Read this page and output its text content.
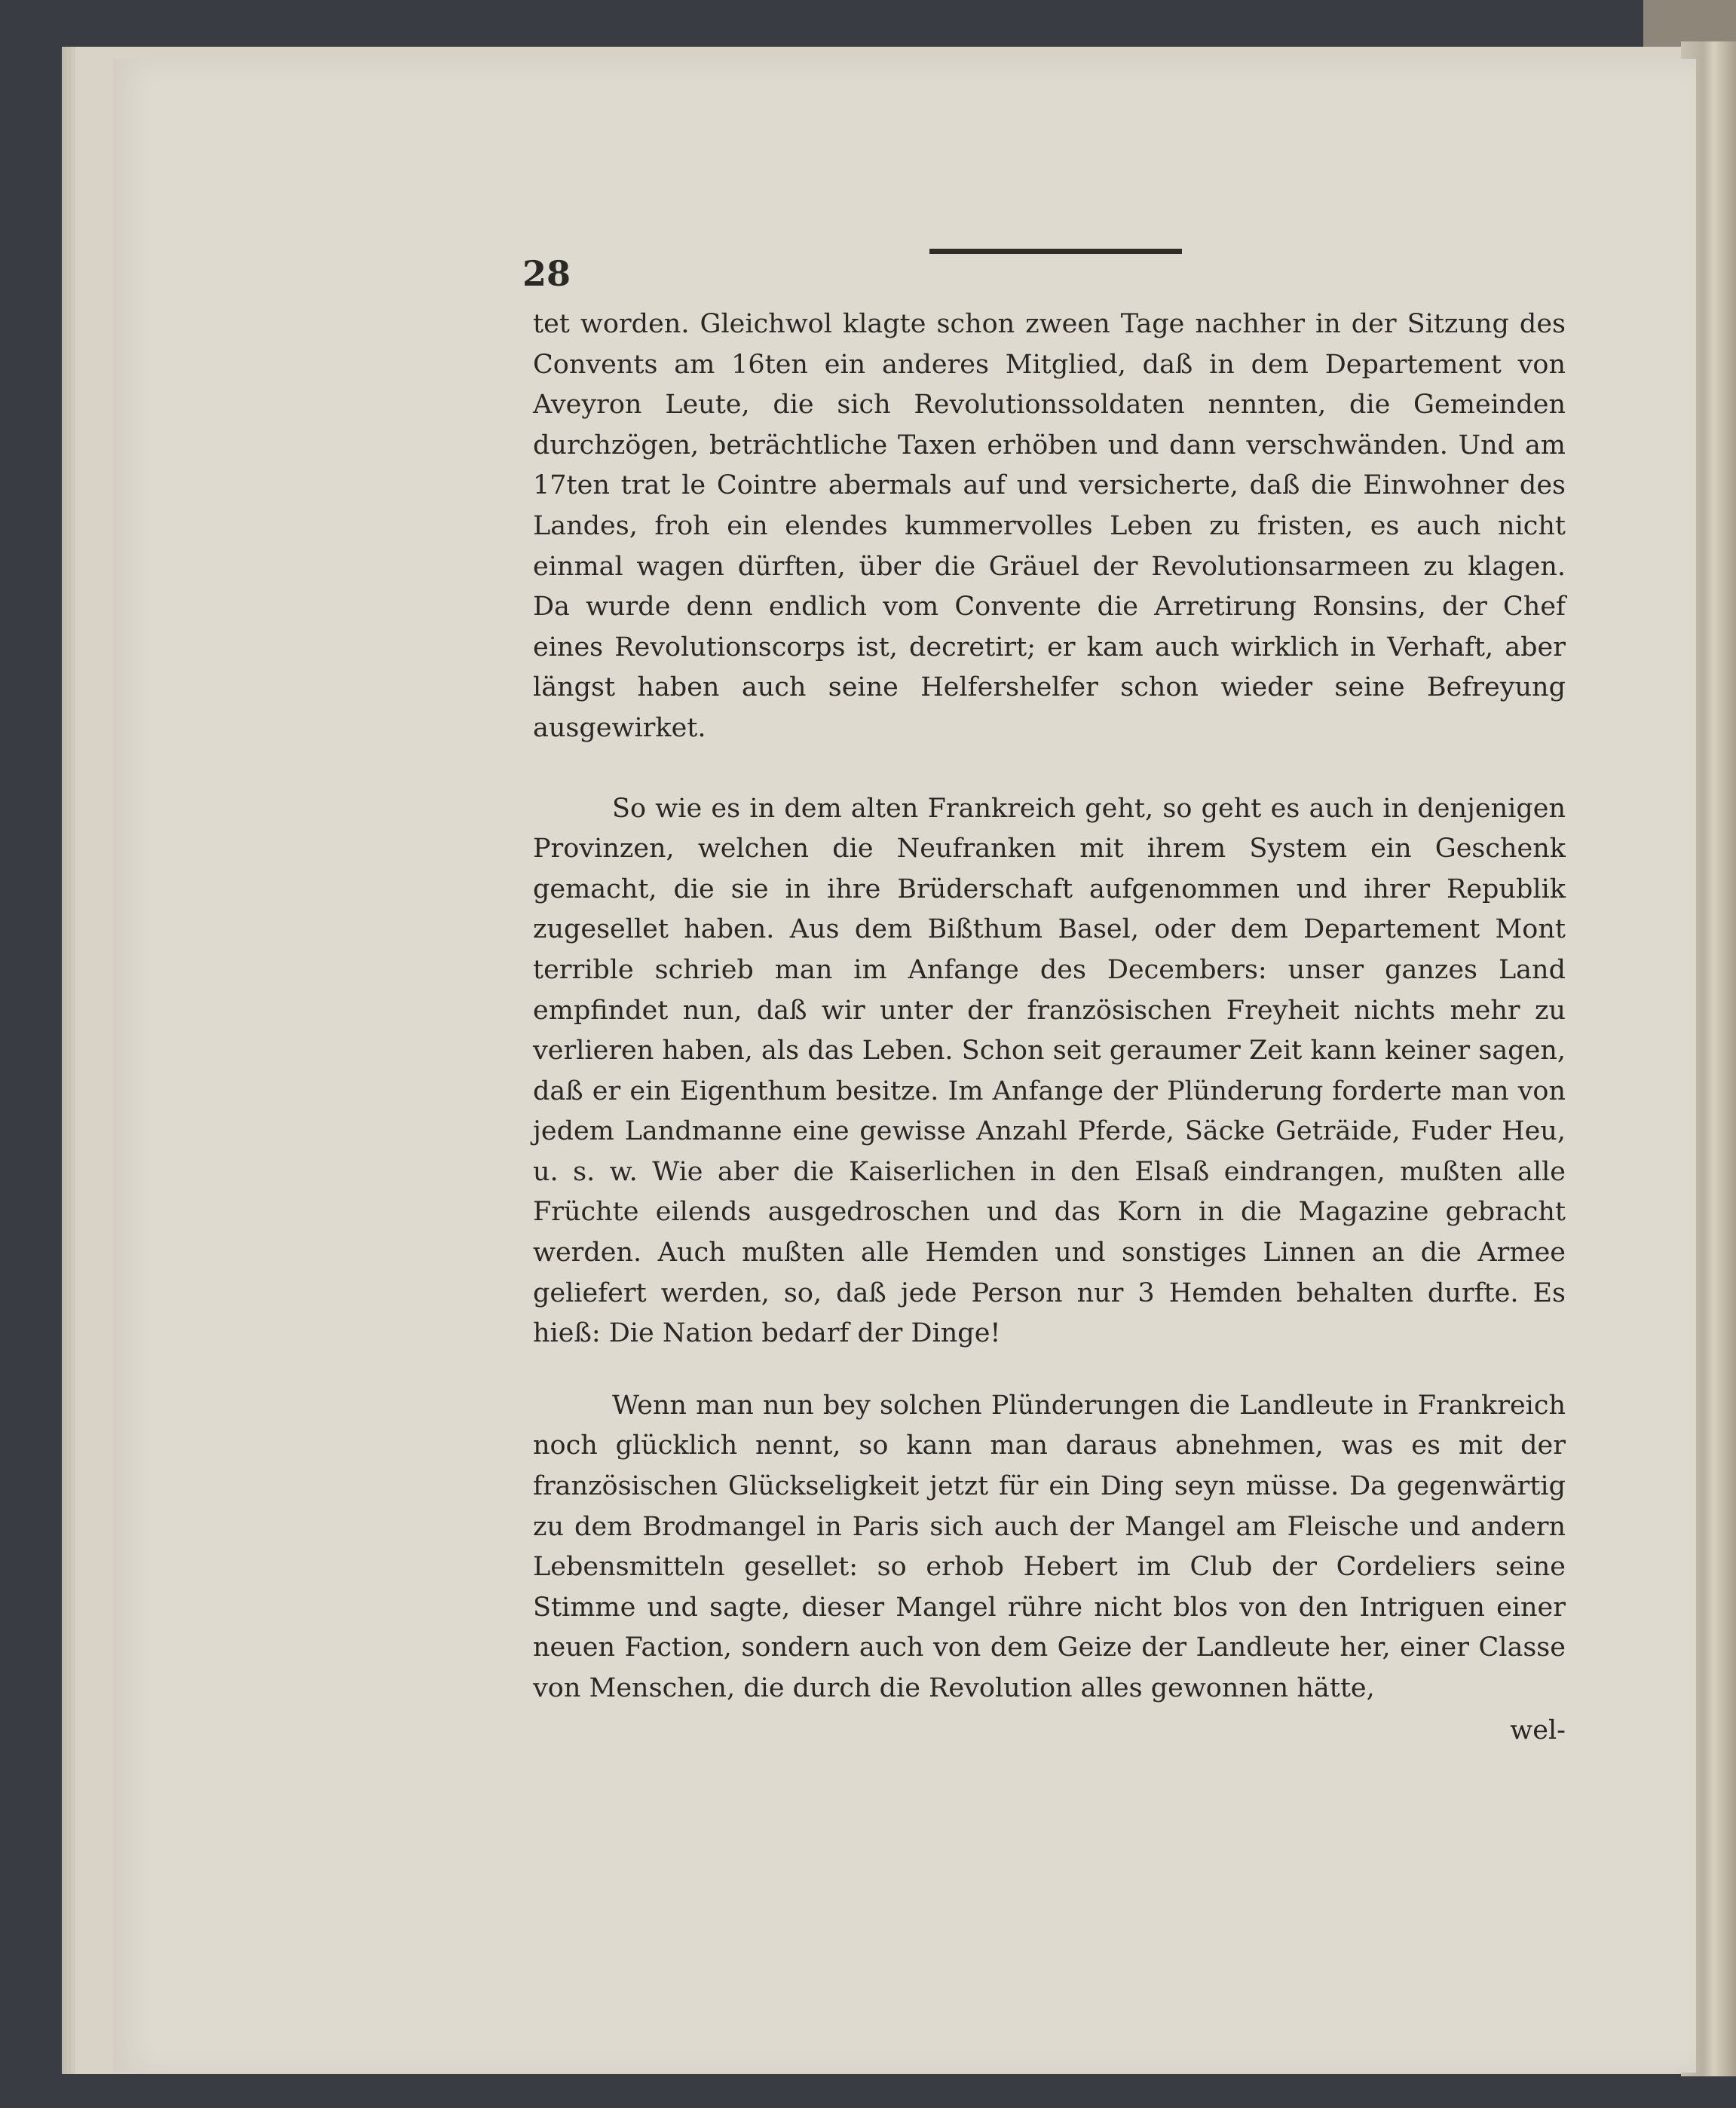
28

tet worden. Gleichwol klagte schon zween Tage nachher in der Sitzung des Convents am 16ten ein anderes Mitglied, daß in dem Departement von Aveyron Leute, die sich Revolutionssoldaten nennten, die Gemeinden durchzögen, beträchtliche Taxen erhöben und dann verschwänden. Und am 17ten trat le Cointre abermals auf und versicherte, daß die Einwohner des Landes, froh ein elendes kummervolles Leben zu fristen, es auch nicht einmal wagen dürften, über die Gräuel der Revolutionsarmeen zu klagen. Da wurde denn endlich vom Convente die Arretirung Ronsins, der Chef eines Revolutionscorps ist, decretirt; er kam auch wirklich in Verhaft, aber längst haben auch seine Helfershelfer schon wieder seine Befreyung ausgewirket.

So wie es in dem alten Frankreich geht, so geht es auch in denjenigen Provinzen, welchen die Neufranken mit ihrem System ein Geschenk gemacht, die sie in ihre Brüderschaft aufgenommen und ihrer Republik zugesellet haben. Aus dem Bißthum Basel, oder dem Departement Mont terrible schrieb man im Anfange des Decembers: unser ganzes Land empfindet nun, daß wir unter der französischen Freyheit nichts mehr zu verlieren haben, als das Leben. Schon seit geraumer Zeit kann keiner sagen, daß er ein Eigenthum besitze. Im Anfange der Plünderung forderte man von jedem Landmanne eine gewisse Anzahl Pferde, Säcke Geträide, Fuder Heu, u. s. w. Wie aber die Kaiserlichen in den Elsaß eindrangen, mußten alle Früchte eilends ausgedroschen und das Korn in die Magazine gebracht werden. Auch mußten alle Hemden und sonstiges Linnen an die Armee geliefert werden, so, daß jede Person nur 3 Hemden behalten durfte. Es hieß: Die Nation bedarf der Dinge!

Wenn man nun bey solchen Plünderungen die Landleute in Frankreich noch glücklich nennt, so kann man daraus abnehmen, was es mit der französischen Glückseligkeit jetzt für ein Ding seyn müsse. Da gegenwärtig zu dem Brodmangel in Paris sich auch der Mangel am Fleische und andern Lebensmitteln gesellet: so erhob Hebert im Club der Cordeliers seine Stimme und sagte, dieser Mangel rühre nicht blos von den Intriguen einer neuen Faction, sondern auch von dem Geize der Landleute her, einer Classe von Menschen, die durch die Revolution alles gewonnen hätte,

wel-
